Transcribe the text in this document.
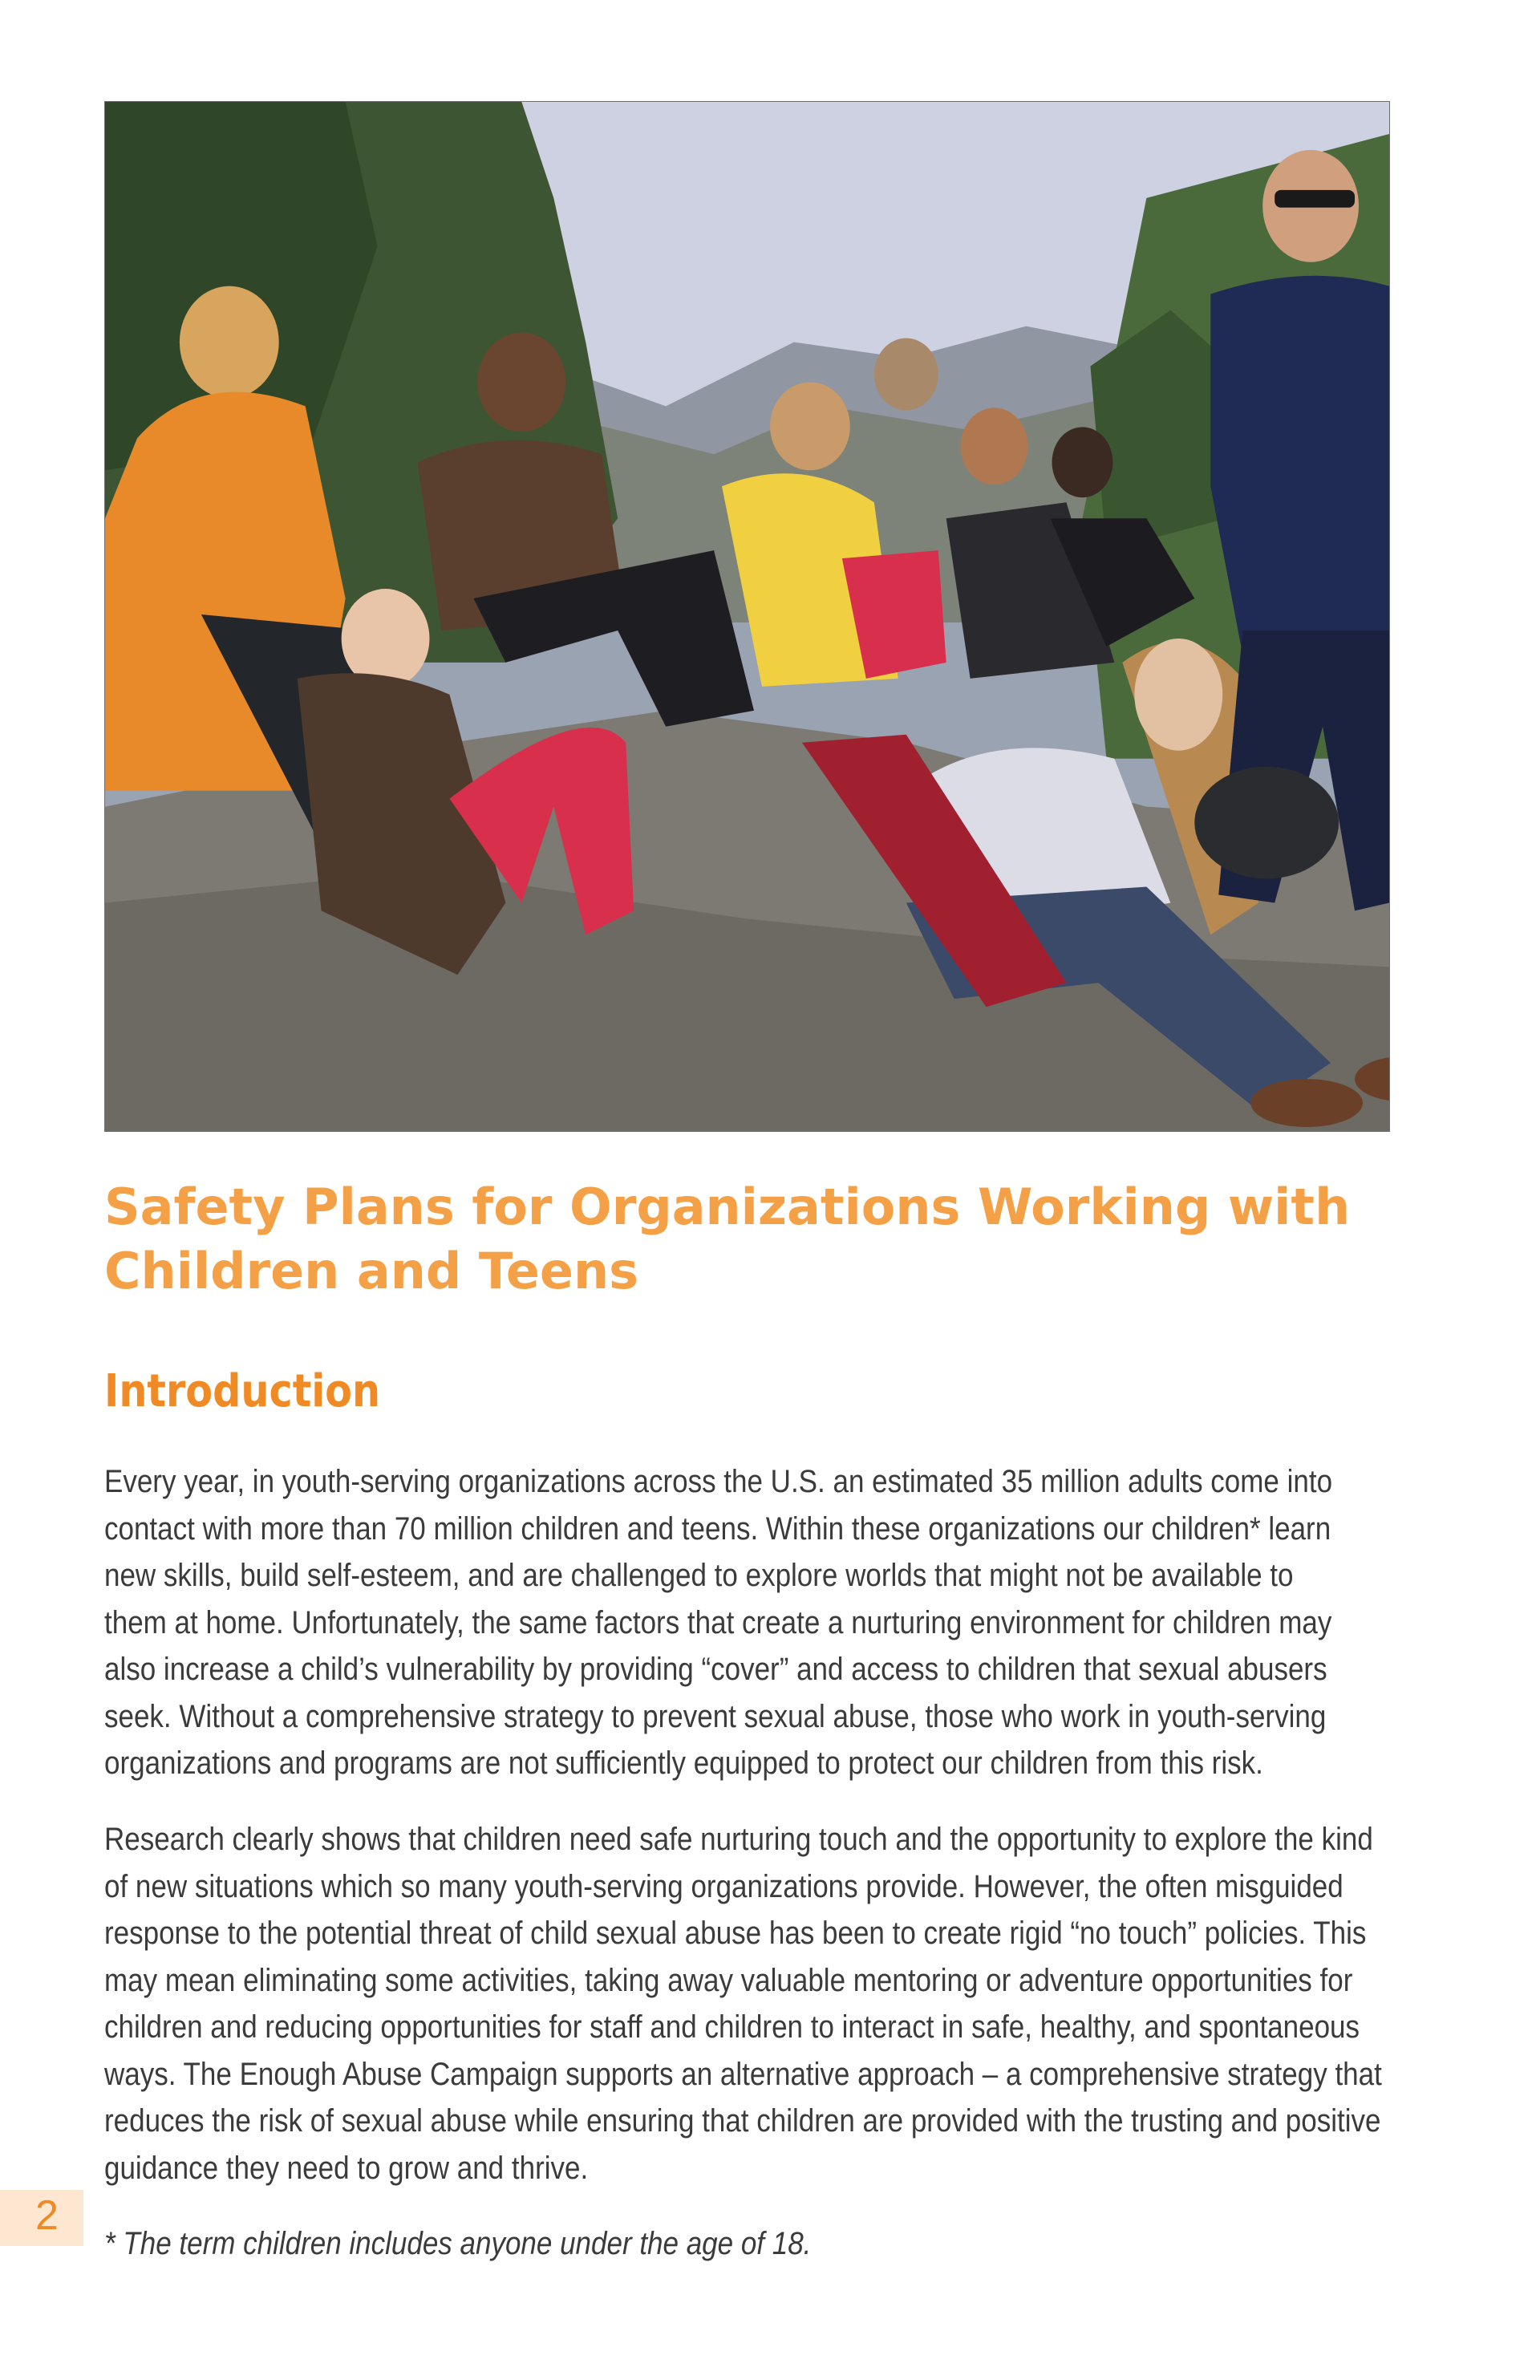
Safety Plans for Organizations Working with
Children and Teens
Introduction
Every year, in youth-serving organizations across the U.S. an estimated 35 million adults come into
contact with more than 70 million children and teens. Within these organizations our children* learn
new skills, build self-esteem, and are challenged to explore worlds that might not be available to
them at home. Unfortunately, the same factors that create a nurturing environment for children may
also increase a child’s vulnerability by providing “cover” and access to children that sexual abusers
seek. Without a comprehensive strategy to prevent sexual abuse, those who work in youth-serving
organizations and programs are not sufficiently equipped to protect our children from this risk.
Research clearly shows that children need safe nurturing touch and the opportunity to explore the kind
of new situations which so many youth-serving organizations provide. However, the often misguided
response to the potential threat of child sexual abuse has been to create rigid “no touch” policies. This
may mean eliminating some activities, taking away valuable mentoring or adventure opportunities for
children and reducing opportunities for staff and children to interact in safe, healthy, and spontaneous
ways. The Enough Abuse Campaign supports an alternative approach – a comprehensive strategy that
reduces the risk of sexual abuse while ensuring that children are provided with the trusting and positive
guidance they need to grow and thrive.
2

* The term children includes anyone under the age of 18.
